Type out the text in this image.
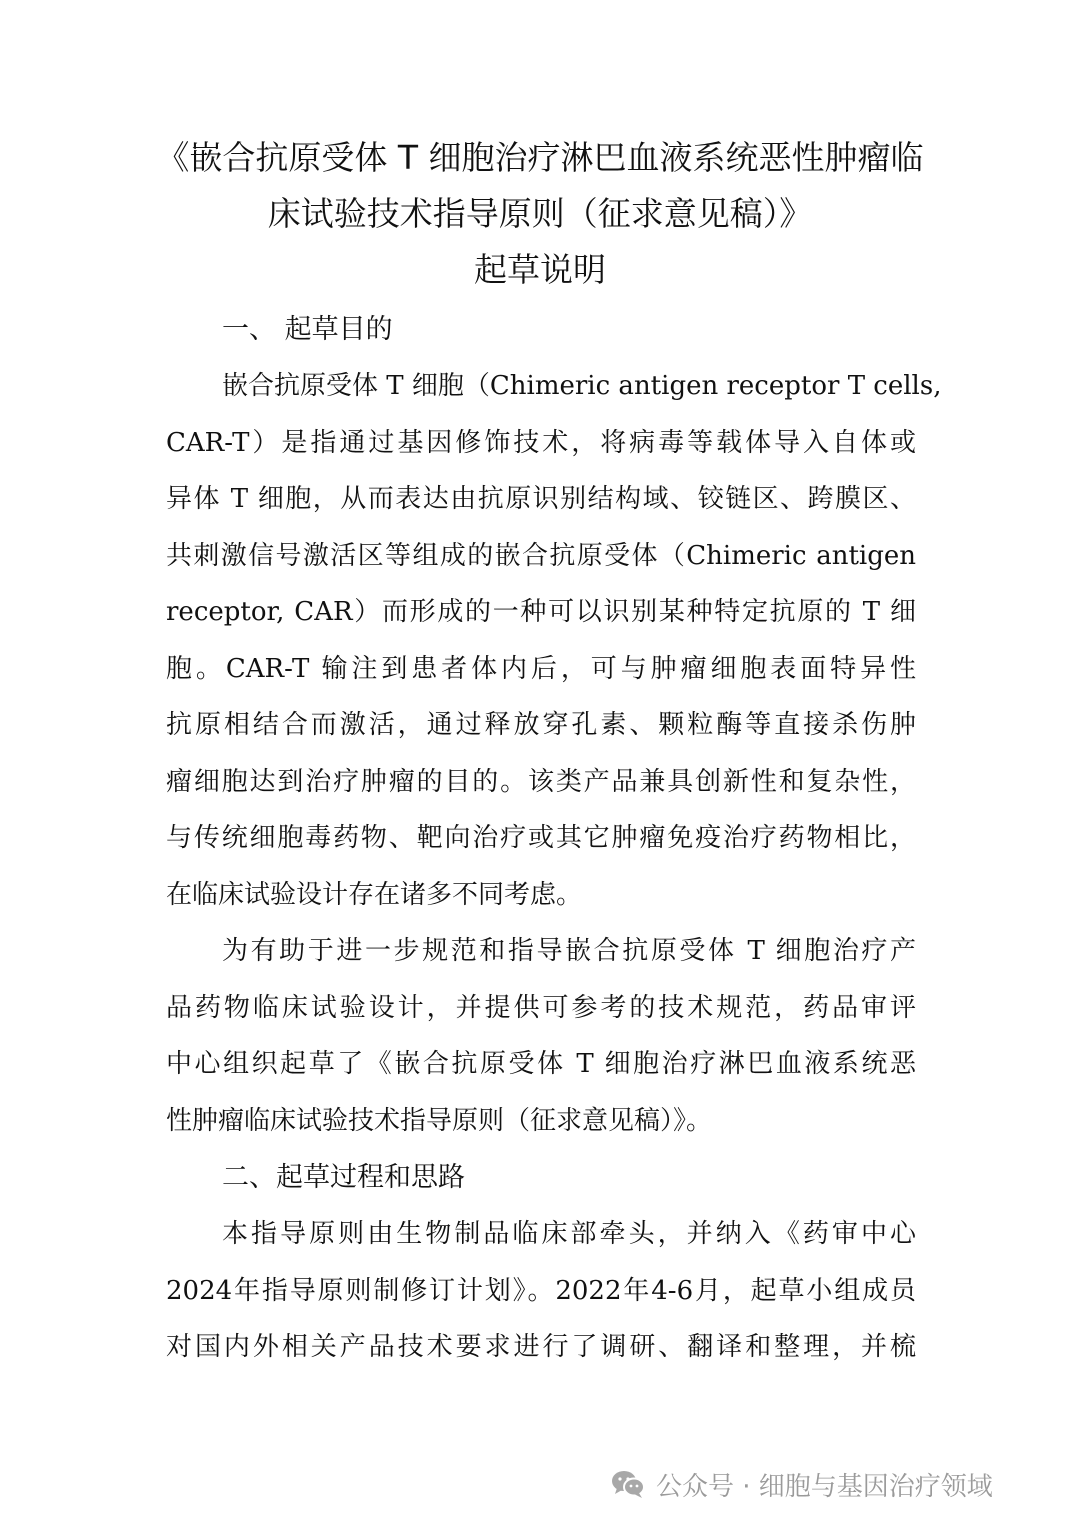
《嵌合抗原受体 T 细胞治疗淋巴血液系统恶性肿瘤临
床试验技术指导原则（征求意见稿）》
起草说明
一、 起草目的
嵌合抗原受体 T 细胞（Chimeric antigen receptor T cells,
CAR-T）是指通过基因修饰技术，将病毒等载体导入自体或
异体 T 细胞，从而表达由抗原识别结构域、铰链区、跨膜区、
共刺激信号激活区等组成的嵌合抗原受体（Chimeric antigen
receptor, CAR）而形成的一种可以识别某种特定抗原的 T 细
胞。CAR-T 输注到患者体内后，可与肿瘤细胞表面特异性
抗原相结合而激活，通过释放穿孔素、颗粒酶等直接杀伤肿
瘤细胞达到治疗肿瘤的目的。该类产品兼具创新性和复杂性，
与传统细胞毒药物、靶向治疗或其它肿瘤免疫治疗药物相比，
在临床试验设计存在诸多不同考虑。
为有助于进一步规范和指导嵌合抗原受体 T 细胞治疗产
品药物临床试验设计，并提供可参考的技术规范，药品审评
中心组织起草了《嵌合抗原受体 T 细胞治疗淋巴血液系统恶
性肿瘤临床试验技术指导原则（征求意见稿）》。
二、起草过程和思路
本指导原则由生物制品临床部牵头，并纳入《药审中心
2024年指导原则制修订计划》。2022年4-6月，起草小组成员
对国内外相关产品技术要求进行了调研、翻译和整理，并梳
公众号 · 细胞与基因治疗领域
